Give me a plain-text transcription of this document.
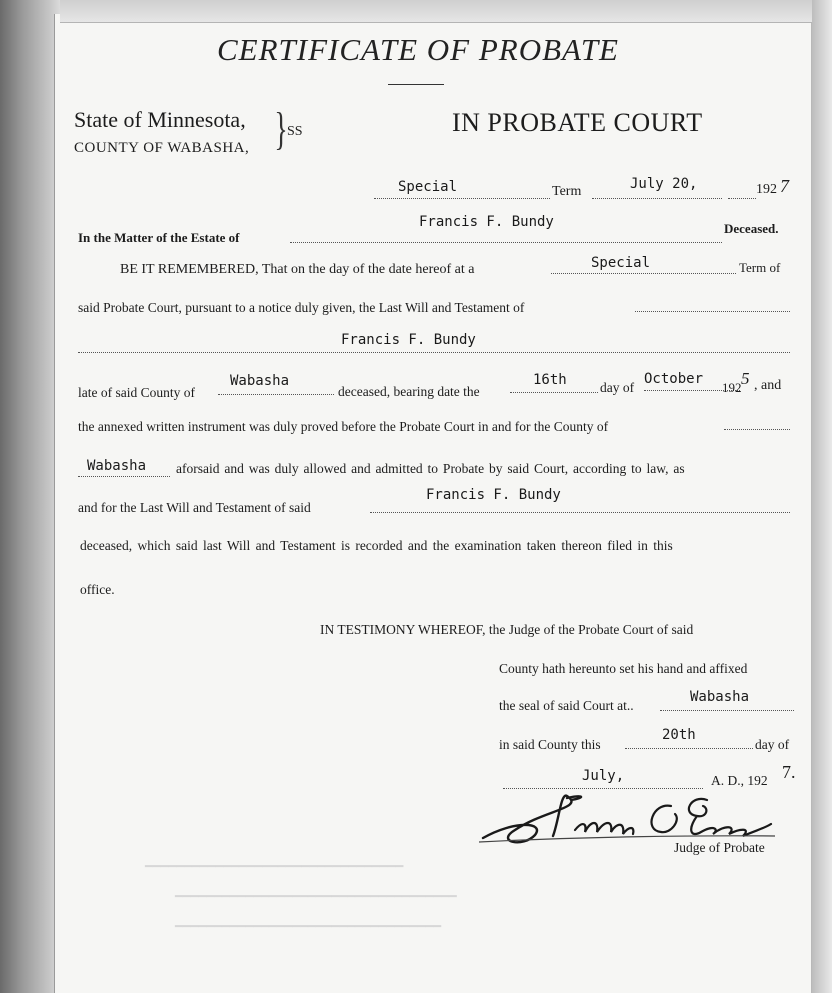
CERTIFICATE OF PROBATE
State of Minnesota,
COUNTY OF WABASHA, } SS	IN PROBATE COURT
Special	Term	July 20,	192 7
In the Matter of the Estate of
Francis F. Bundy	Deceased.
BE IT REMEMBERED, That on the day of the date hereof at a	Special	Term of
said Probate Court, pursuant to a notice duly given, the Last Will and Testament of
Francis F. Bundy
late of said County of
Wabasha
deceased, bearing date the
16th day of
October
192 5 , and
the annexed written instrument was duly proved before the Probate Court in and for the County of
Wabasha aforsaid and was duly allowed and admitted to Probate by said Court, according to law, as
and for the Last Will and Testament of said
Francis F. Bundy
deceased, which said last Will and Testament is recorded and the examination taken thereon filed in this
office.
IN TESTIMONY WHEREOF, the Judge of the Probate Court of said
County hath hereunto set his hand and affixed
the seal of said Court at..
Wabasha
in said County this
20th
day of
July,	A. D., 192 7.
Judge of Probate
▁▁▁▁▁▁▁▁▁▁▁▁▁▁▁▁▁▁▁▁▁▁▁▁▁▁▁▁▁▁▁▁▁
▁▁▁▁▁▁▁▁▁▁▁▁▁▁▁▁▁▁▁▁▁▁▁▁▁▁▁▁▁▁▁▁▁▁▁▁
▁▁▁▁▁▁▁▁▁▁▁▁▁▁▁▁▁▁▁▁▁▁▁▁▁▁▁▁▁▁▁▁▁▁
